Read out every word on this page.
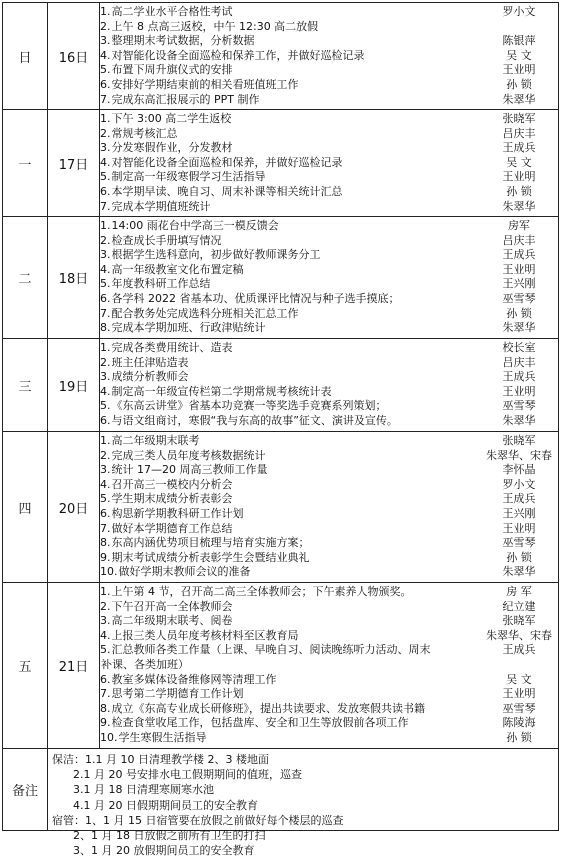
日	16日
1. 高二学业水平合格性考试	罗小文
2. 上午 8 点高三返校，中午 12:30 高二放假
3. 整理期末考试数据，分析数据	陈银萍
4. 对智能化设备全面巡检和保养工作，并做好巡检记录	吴 文
5. 布置下周升旗仪式的安排	王业明
6. 安排好学期结束前的相关看班值班工作	孙 锁
7. 完成东高汇报展示的 PPT 制作	朱翠华
一	17日
1. 下午 3:00 高二学生返校	张晓军
2. 常规考核汇总	吕庆丰
3. 分发寒假作业，分发教材	王成兵
4. 对智能化设备全面巡检和保养，并做好巡检记录	吴 文
5. 制定高一年级寒假学习生活指导	王业明
6. 本学期早读、晚自习、周末补课等相关统计汇总	孙 锁
7. 完成本学期值班统计	朱翠华
二	18日
1. 14:00 雨花台中学高三一模反馈会	房军
2. 检查成长手册填写情况	吕庆丰
3. 根据学生选科意向，初步做好教师课务分工	王成兵
4. 高一年级教室文化布置定稿	王业明
5. 年度教科研工作总结	王兴刚
6. 各学科 2022 省基本功、优质课评比情况与种子选手摸底；	巫雪琴
7. 配合教务处完成选科分班相关汇总工作	孙 锁
8. 完成本学期加班、行政津贴统计	朱翠华
三	19日
1. 完成各类费用统计、造表	校长室
2. 班主任津贴造表	吕庆丰
3. 成绩分析教师会	王成兵
4. 制定高一年级宣传栏第二学期常规考核统计表	王业明
5. 《东高云讲堂》省基本功竞赛一等奖选手竞赛系列策划；	巫雪琴
6. 与语文组商讨，寒假“我与东高的故事”征文、演讲及宣传。	朱翠华
四	20日
1. 高二年级期末联考	张晓军
2. 完成三类人员年度考核数据统计	朱翠华、宋春
3. 统计 17—20 周高三教师工作量	李怀晶
4. 召开高三一模校内分析会	罗小文
5. 学生期末成绩分析表彰会	王成兵
6. 构思新学期教科研工作计划	王兴刚
7. 做好本学期德育工作总结	王业明
8. 东高内涵优势项目梳理与培育实施方案；	巫雪琴
9. 期末考试成绩分析表彰学生会暨结业典礼	孙 锁
10. 做好学期末教师会议的准备	朱翠华
五	21日
1. 上午第 4 节，召开高二高三全体教师会；下午素养人物颁奖。	房 军
2. 下午召开高一全体教师会	纪立建
3. 高二年级期末联考、阅卷	张晓军
4. 上报三类人员年度考核材料至区教育局	朱翠华、宋春
5. 汇总教师各类工作量（上课、早晚自习、阅读晚练听力活动、周末	王成兵
补课、各类加班）
6. 教室多媒体设备维修网等清理工作	吴 文
7. 思考第二学期德育工作计划	王业明
8. 成立《东高专业成长研修班》，提出共读要求、发放寒假共读书籍	巫雪琴
9. 检查食堂收尾工作，包括盘库、安全和卫生等放假前各项工作	陈陵海
10. 学生寒假生活指导	孙 锁
备注
保洁：1.1 月 10 日清理教学楼 2、3 楼地面
2.1 月 20 号安排水电工假期期间的值班，巡查
3.1 月 18 日清理寒厕寒水池
4.1 月 20 日假期期间员工的安全教育
宿管：1、1 月 15 日宿管要在放假之前做好每个楼层的巡查
2、1 月 18 日放假之前所有卫生的打扫
3、1 月 20 放假期间员工的安全教育
